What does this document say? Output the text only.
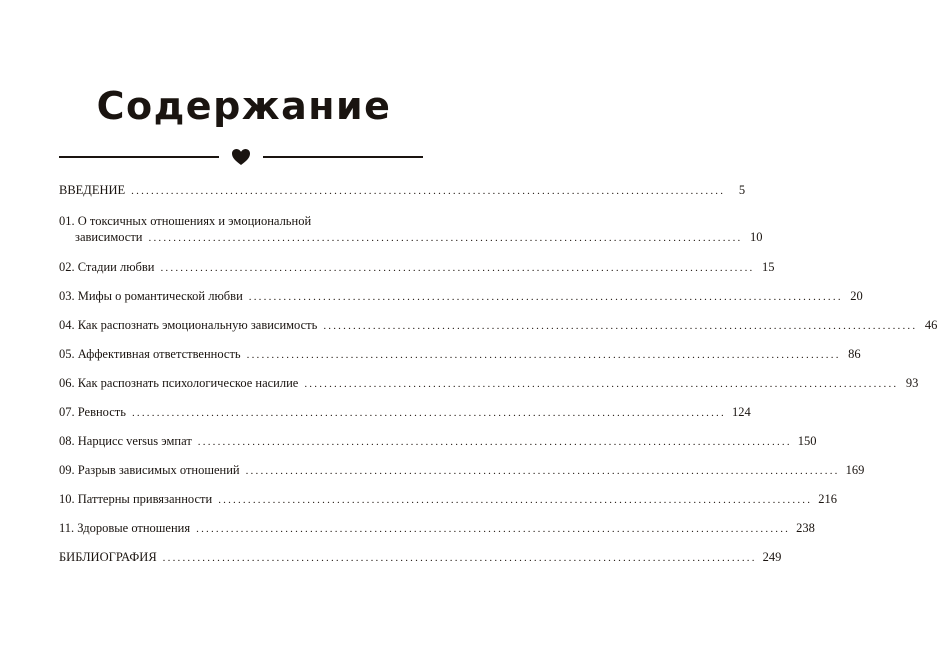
Содержание
ВВЕДЕНИЕ ........................................................................................................................	5
01. О токсичных отношениях и эмоциональной
зависимости ........................................................................................................................ 10
02. Стадии любви ........................................................................................................................ 15
03. Мифы о романтической любви ........................................................................................................................ 20
04. Как распознать эмоциональную зависимость ........................................................................................................................ 46
05. Аффективная ответственность ........................................................................................................................ 86
06. Как распознать психологическое насилие ........................................................................................................................ 93
07. Ревность ........................................................................................................................ 124
08. Нарцисс versus эмпат ........................................................................................................................ 150
09. Разрыв зависимых отношений ........................................................................................................................ 169
10. Паттерны привязанности ........................................................................................................................ 216
11. Здоровые отношения ........................................................................................................................ 238
БИБЛИОГРАФИЯ ........................................................................................................................ 249
